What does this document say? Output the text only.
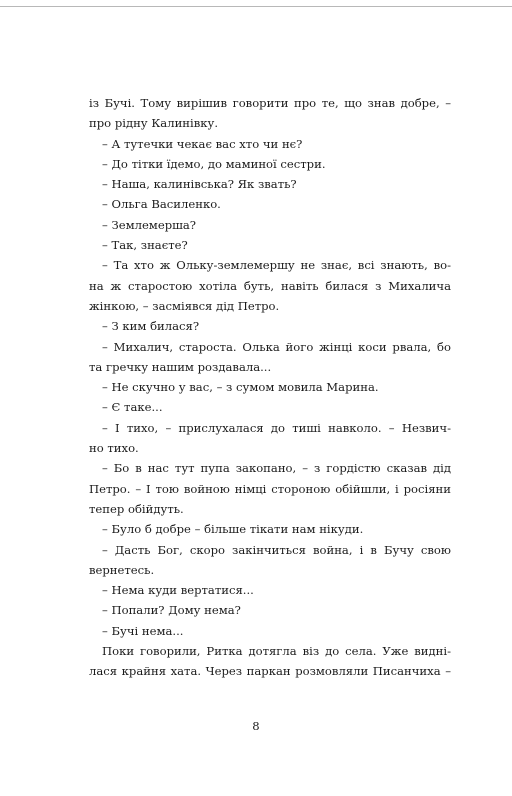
із Бучі. Тому вирішив говорити про те, що знав добре, –
про рідну Калинівку.
– А тутечки чекає вас хто чи нє?
– До тітки їдемо, до маминої сестри.
– Наша, калинівська? Як звать?
– Ольга Василенко.
– Землемерша?
– Так, знаєте?
– Та хто ж Ольку-землемершу не знає, всі знають, во-
на ж старостою хотіла буть, навіть билася з Михалича
жінкою, – засміявся дід Петро.
– З ким билася?
– Михалич, староста. Олька його жінці коси рвала, бо
та гречку нашим роздавала...
– Не скучно у вас, – з сумом мовила Марина.
– Є таке...
– І тихо, – прислухалася до тиші навколо. – Незвич-
но тихо.
– Бо в нас тут пупа закопано, – з гордістю сказав дід
Петро. – І тою войною німці стороною обійшли, і росіяни
тепер обійдуть.
– Було б добре – більше тікати нам нікуди.
– Дасть Бог, скоро закінчиться война, і в Бучу свою
вернетесь.
– Нема куди вертатися...
– Попали? Дому нема?
– Бучі нема...
Поки говорили, Ритка дотягла віз до села. Уже видні-
лася крайня хата. Через паркан розмовляли Писанчиха –
8
